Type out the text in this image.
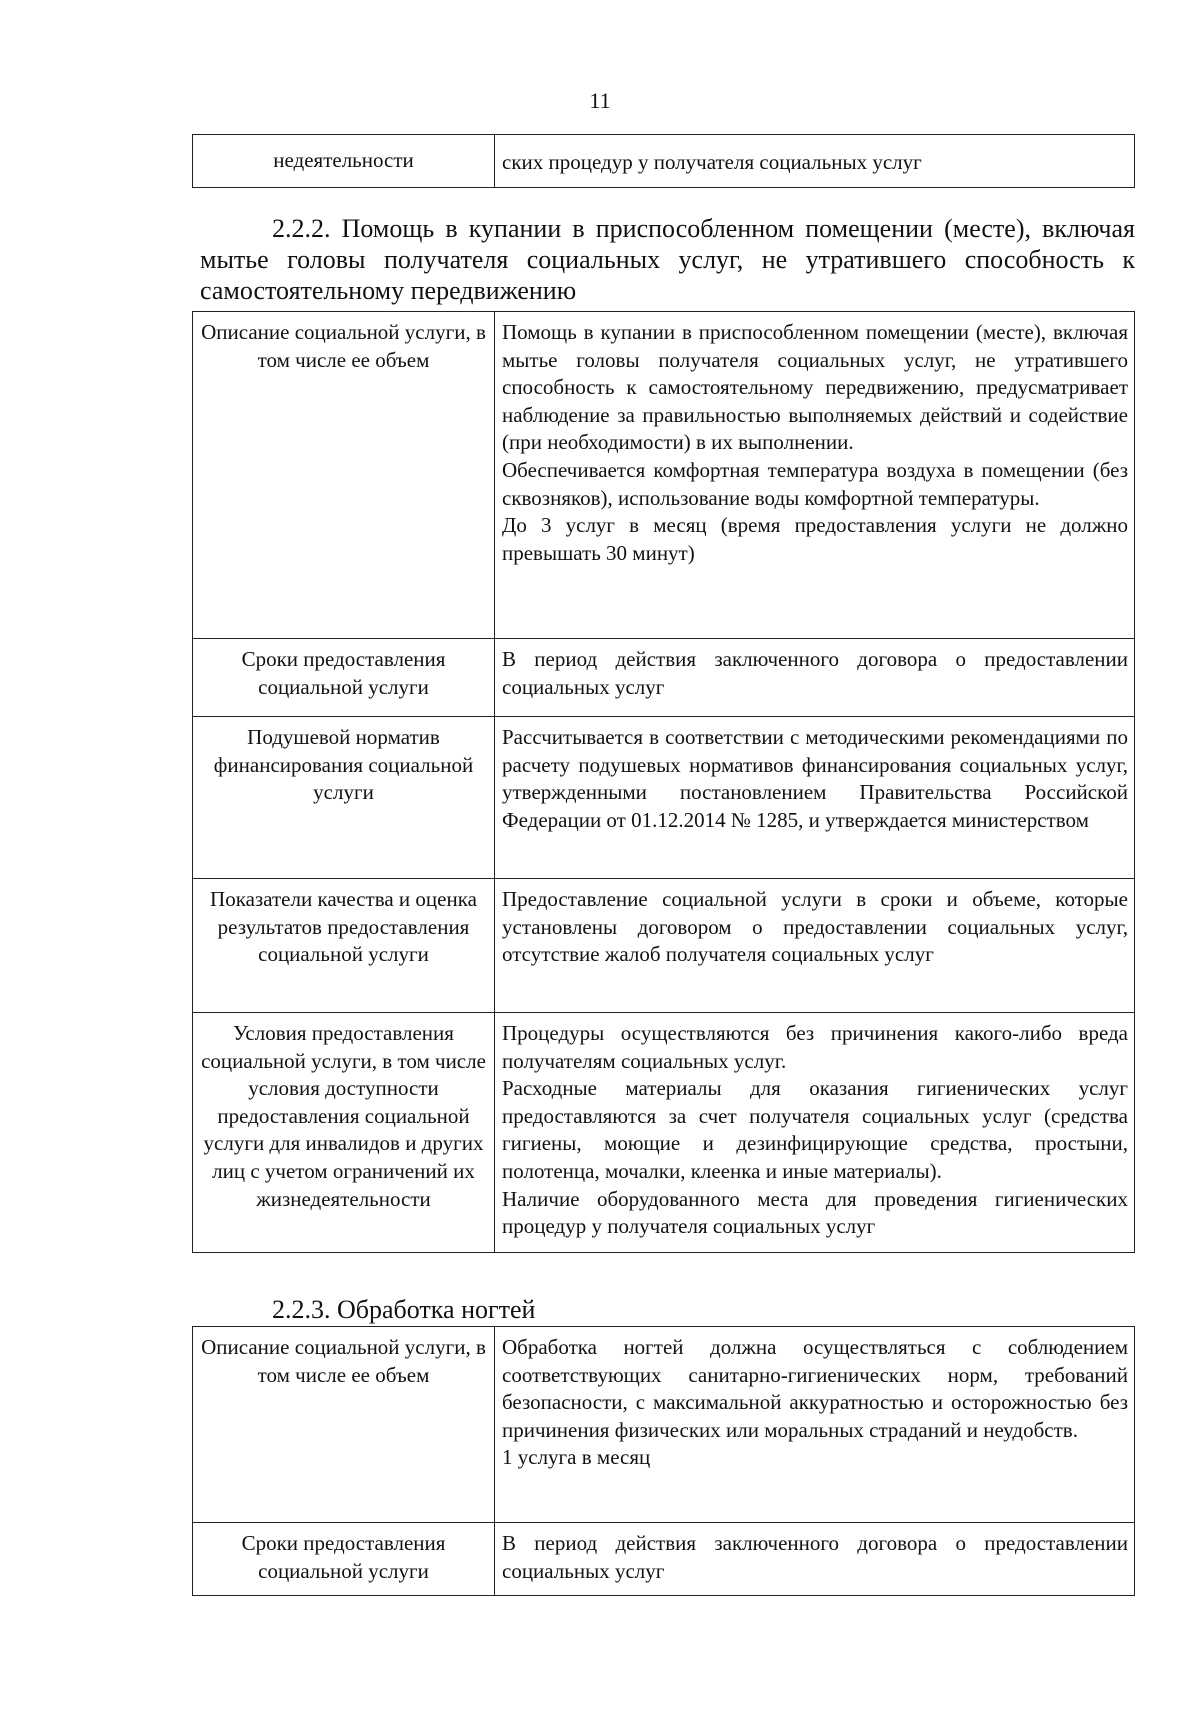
11
недеятельности	ских процедур у получателя социальных услуг
2.2.2. Помощь в купании в приспособленном помещении (месте), включая мытье головы получателя социальных услуг, не утратившего способность к самостоятельному передвижению
Описание социальной услуги, в том числе ее объем	Помощь в купании в приспособленном помещении (месте), включая мытье головы получателя социальных услуг, не утратившего способность к самостоятельному передвижению, предусматривает наблюдение за правильностью выполняемых действий и содействие (при необходимости) в их выполнении.
Обеспечивается комфортная температура воздуха в помещении (без сквозняков), использование воды комфортной температуры.
До 3 услуг в месяц (время предоставления услуги не должно превышать 30 минут)

Сроки предоставления социальной услуги	В период действия заключенного договора о предоставлении социальных услуг

Подушевой норматив финансирования социальной услуги	Рассчитывается в соответствии с методическими рекомендациями по расчету подушевых нормативов финансирования социальных услуг, утвержденными постановлением Правительства Российской Федерации от 01.12.2014 № 1285, и утверждается министерством

Показатели качества и оценка результатов предоставления социальной услуги	Предоставление социальной услуги в сроки и объеме, которые установлены договором о предоставлении социальных услуг, отсутствие жалоб получателя социальных услуг

Условия предоставления социальной услуги, в том числе условия доступности предоставления социальной услуги для инвалидов и других лиц с учетом ограничений их жизнедеятельности	Процедуры осуществляются без причинения какого-либо вреда получателям социальных услуг.
Расходные материалы для оказания гигиенических услуг предоставляются за счет получателя социальных услуг (средства гигиены, моющие и дезинфицирующие средства, простыни, полотенца, мочалки, клеенка и иные материалы).
Наличие оборудованного места для проведения гигиенических процедур у получателя социальных услуг
2.2.3. Обработка ногтей
Описание социальной услуги, в том числе ее объем	Обработка ногтей должна осуществляться с соблюдением соответствующих санитарно-гигиенических норм, требований безопасности, с максимальной аккуратностью и осторожностью без причинения физических или моральных страданий и неудобств.
1 услуга в месяц

Сроки предоставления социальной услуги	В период действия заключенного договора о предоставлении социальных услуг
